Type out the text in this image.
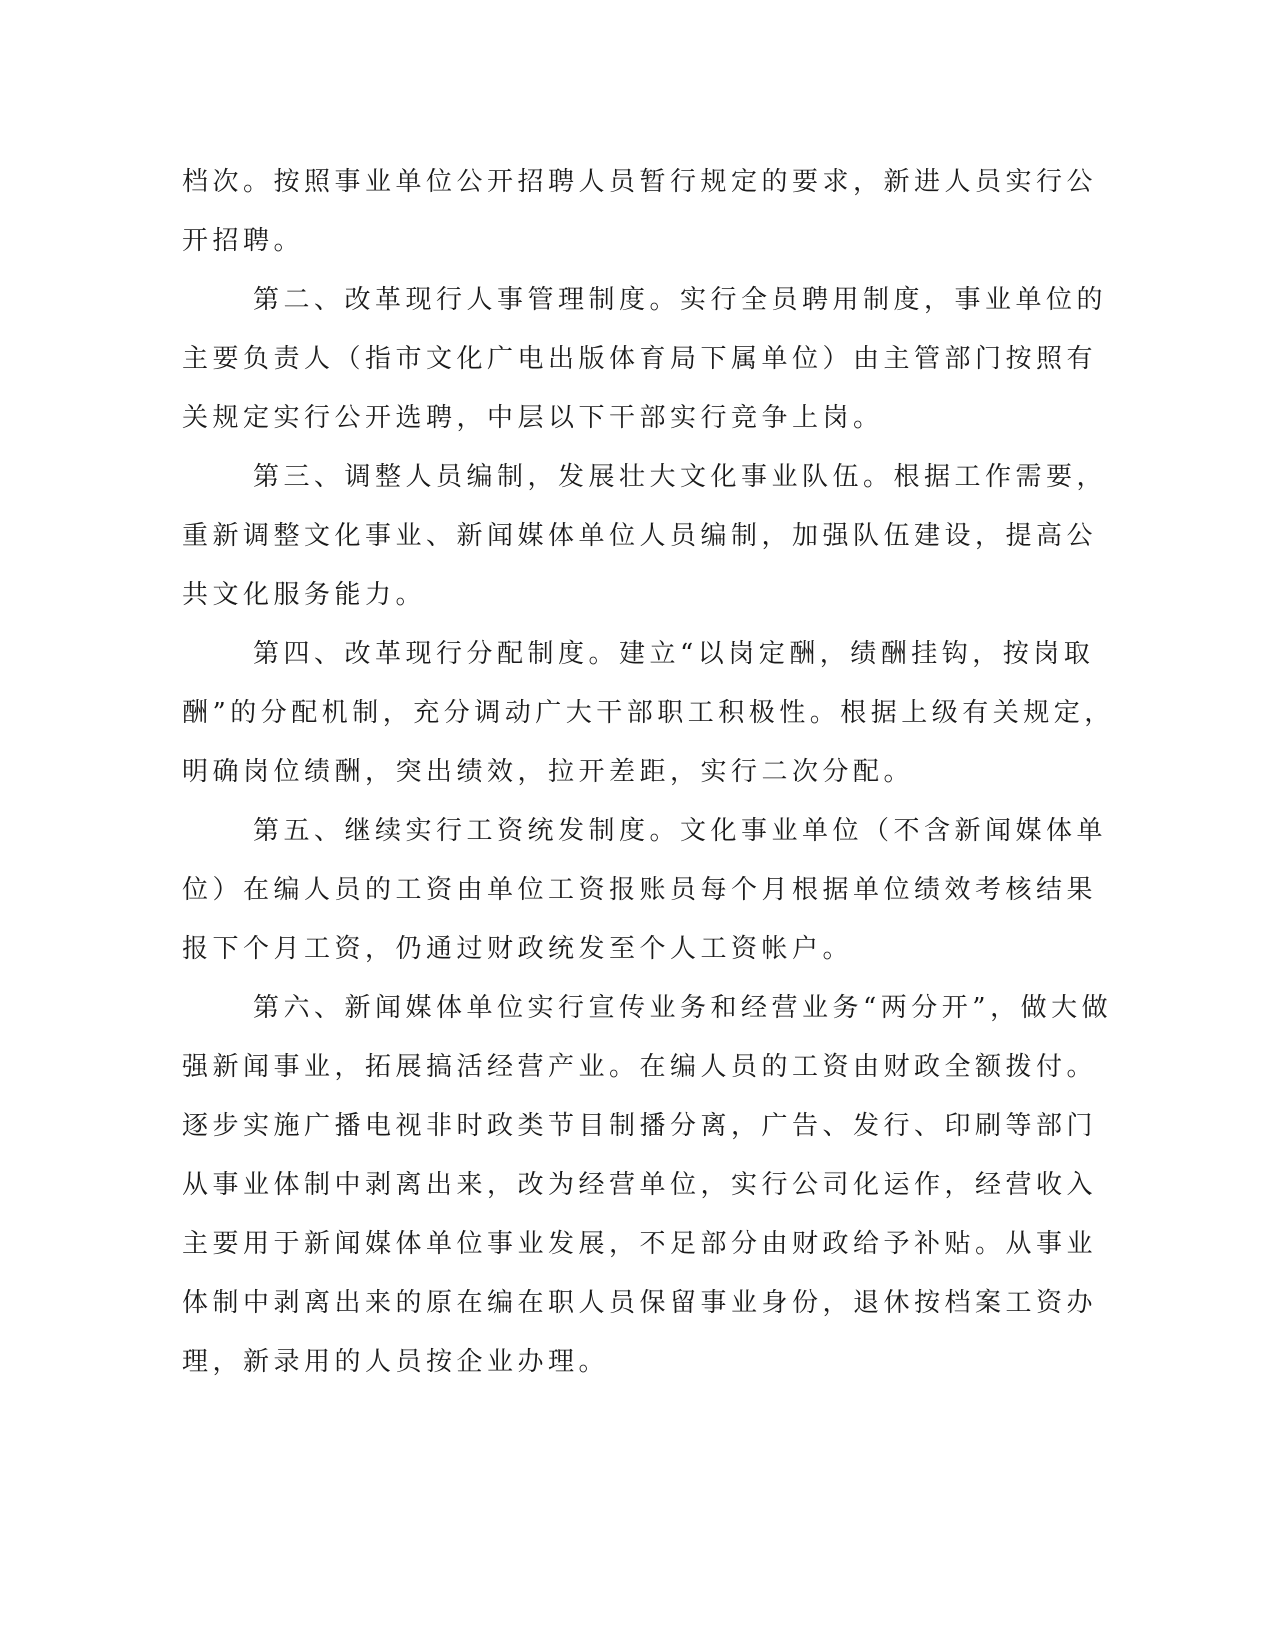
档次。按照事业单位公开招聘人员暂行规定的要求，新进人员实行公
开招聘。
第二、改革现行人事管理制度。实行全员聘用制度，事业单位的
主要负责人（指市文化广电出版体育局下属单位）由主管部门按照有
关规定实行公开选聘，中层以下干部实行竞争上岗。
第三、调整人员编制，发展壮大文化事业队伍。根据工作需要，
重新调整文化事业、新闻媒体单位人员编制，加强队伍建设，提高公
共文化服务能力。
第四、改革现行分配制度。建立“以岗定酬，绩酬挂钩，按岗取
酬”的分配机制，充分调动广大干部职工积极性。根据上级有关规定，
明确岗位绩酬，突出绩效，拉开差距，实行二次分配。
第五、继续实行工资统发制度。文化事业单位（不含新闻媒体单
位）在编人员的工资由单位工资报账员每个月根据单位绩效考核结果
报下个月工资，仍通过财政统发至个人工资帐户。
第六、新闻媒体单位实行宣传业务和经营业务“两分开”，做大做
强新闻事业，拓展搞活经营产业。在编人员的工资由财政全额拨付。
逐步实施广播电视非时政类节目制播分离，广告、发行、印刷等部门
从事业体制中剥离出来，改为经营单位，实行公司化运作，经营收入
主要用于新闻媒体单位事业发展，不足部分由财政给予补贴。从事业
体制中剥离出来的原在编在职人员保留事业身份，退休按档案工资办
理，新录用的人员按企业办理。
